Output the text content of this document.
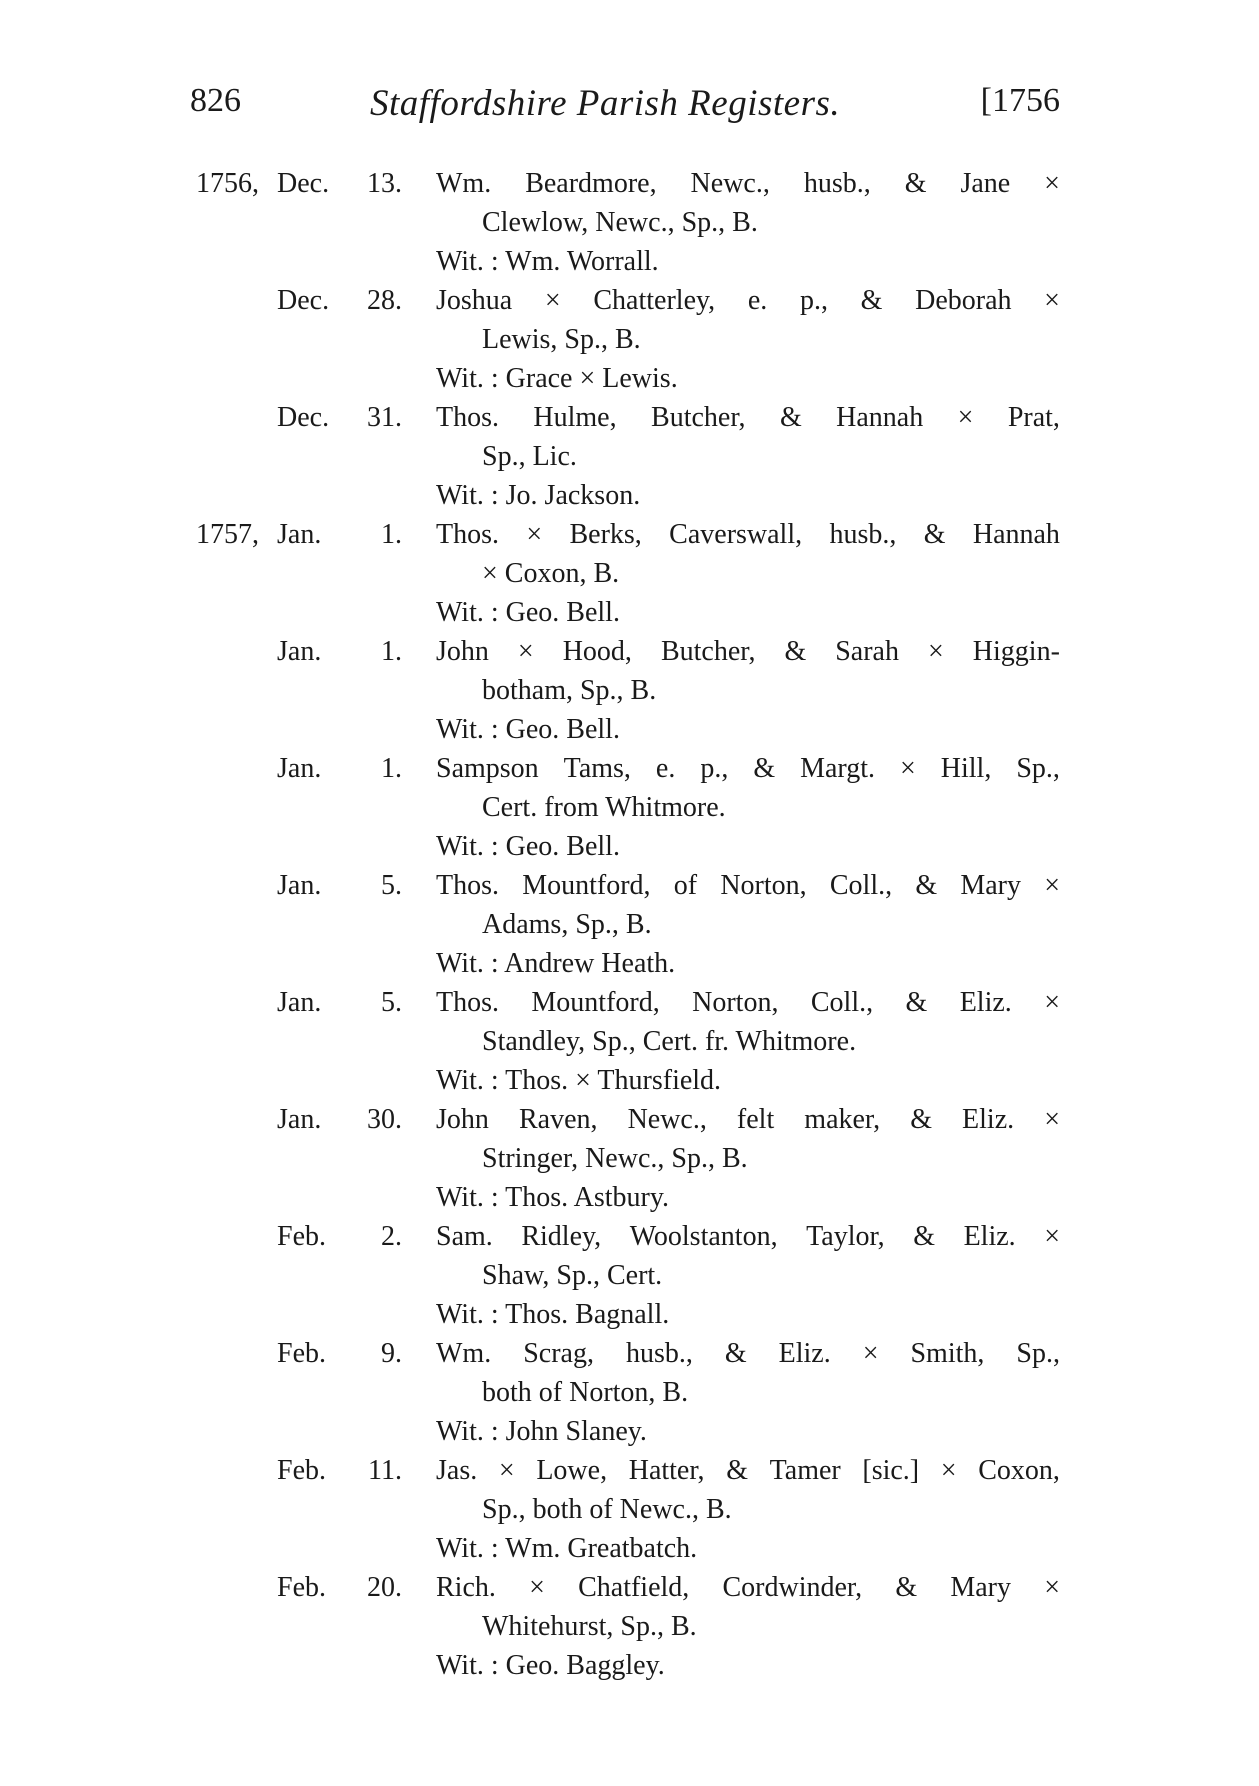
826	Staffordshire Parish Registers.	[1756
1756, Dec.	13. Wm. Beardmore, Newc., husb., & Jane ×
Clewlow, Newc., Sp., B.
Wit. : Wm. Worrall.
Dec.	28. Joshua × Chatterley, e. p., & Deborah ×
Lewis, Sp., B.
Wit. : Grace × Lewis.
Dec.	31. Thos. Hulme, Butcher, & Hannah × Prat,
Sp., Lic.
Wit. : Jo. Jackson.
1757, Jan.	1. Thos. × Berks, Caverswall, husb., & Hannah
× Coxon, B.
Wit. : Geo. Bell.
Jan.	1. John × Hood, Butcher, & Sarah × Higgin-
botham, Sp., B.
Wit. : Geo. Bell.
Jan.	1. Sampson Tams, e. p., & Margt. × Hill, Sp.,
Cert. from Whitmore.
Wit. : Geo. Bell.
Jan.	5. Thos. Mountford, of Norton, Coll., & Mary ×
Adams, Sp., B.
Wit. : Andrew Heath.
Jan.	5. Thos. Mountford, Norton, Coll., & Eliz. ×
Standley, Sp., Cert. fr. Whitmore.
Wit. : Thos. × Thursfield.
Jan.	30. John Raven, Newc., felt maker, & Eliz. ×
Stringer, Newc., Sp., B.
Wit. : Thos. Astbury.
Feb.	2. Sam. Ridley, Woolstanton, Taylor, & Eliz. ×
Shaw, Sp., Cert.
Wit. : Thos. Bagnall.
Feb.	9. Wm. Scrag, husb., & Eliz. × Smith, Sp.,
both of Norton, B.
Wit. : John Slaney.
Feb.	11. Jas. × Lowe, Hatter, & Tamer [sic.] × Coxon,
Sp., both of Newc., B.
Wit. : Wm. Greatbatch.
Feb.	20. Rich. × Chatfield, Cordwinder, & Mary ×
Whitehurst, Sp., B.
Wit. : Geo. Baggley.
